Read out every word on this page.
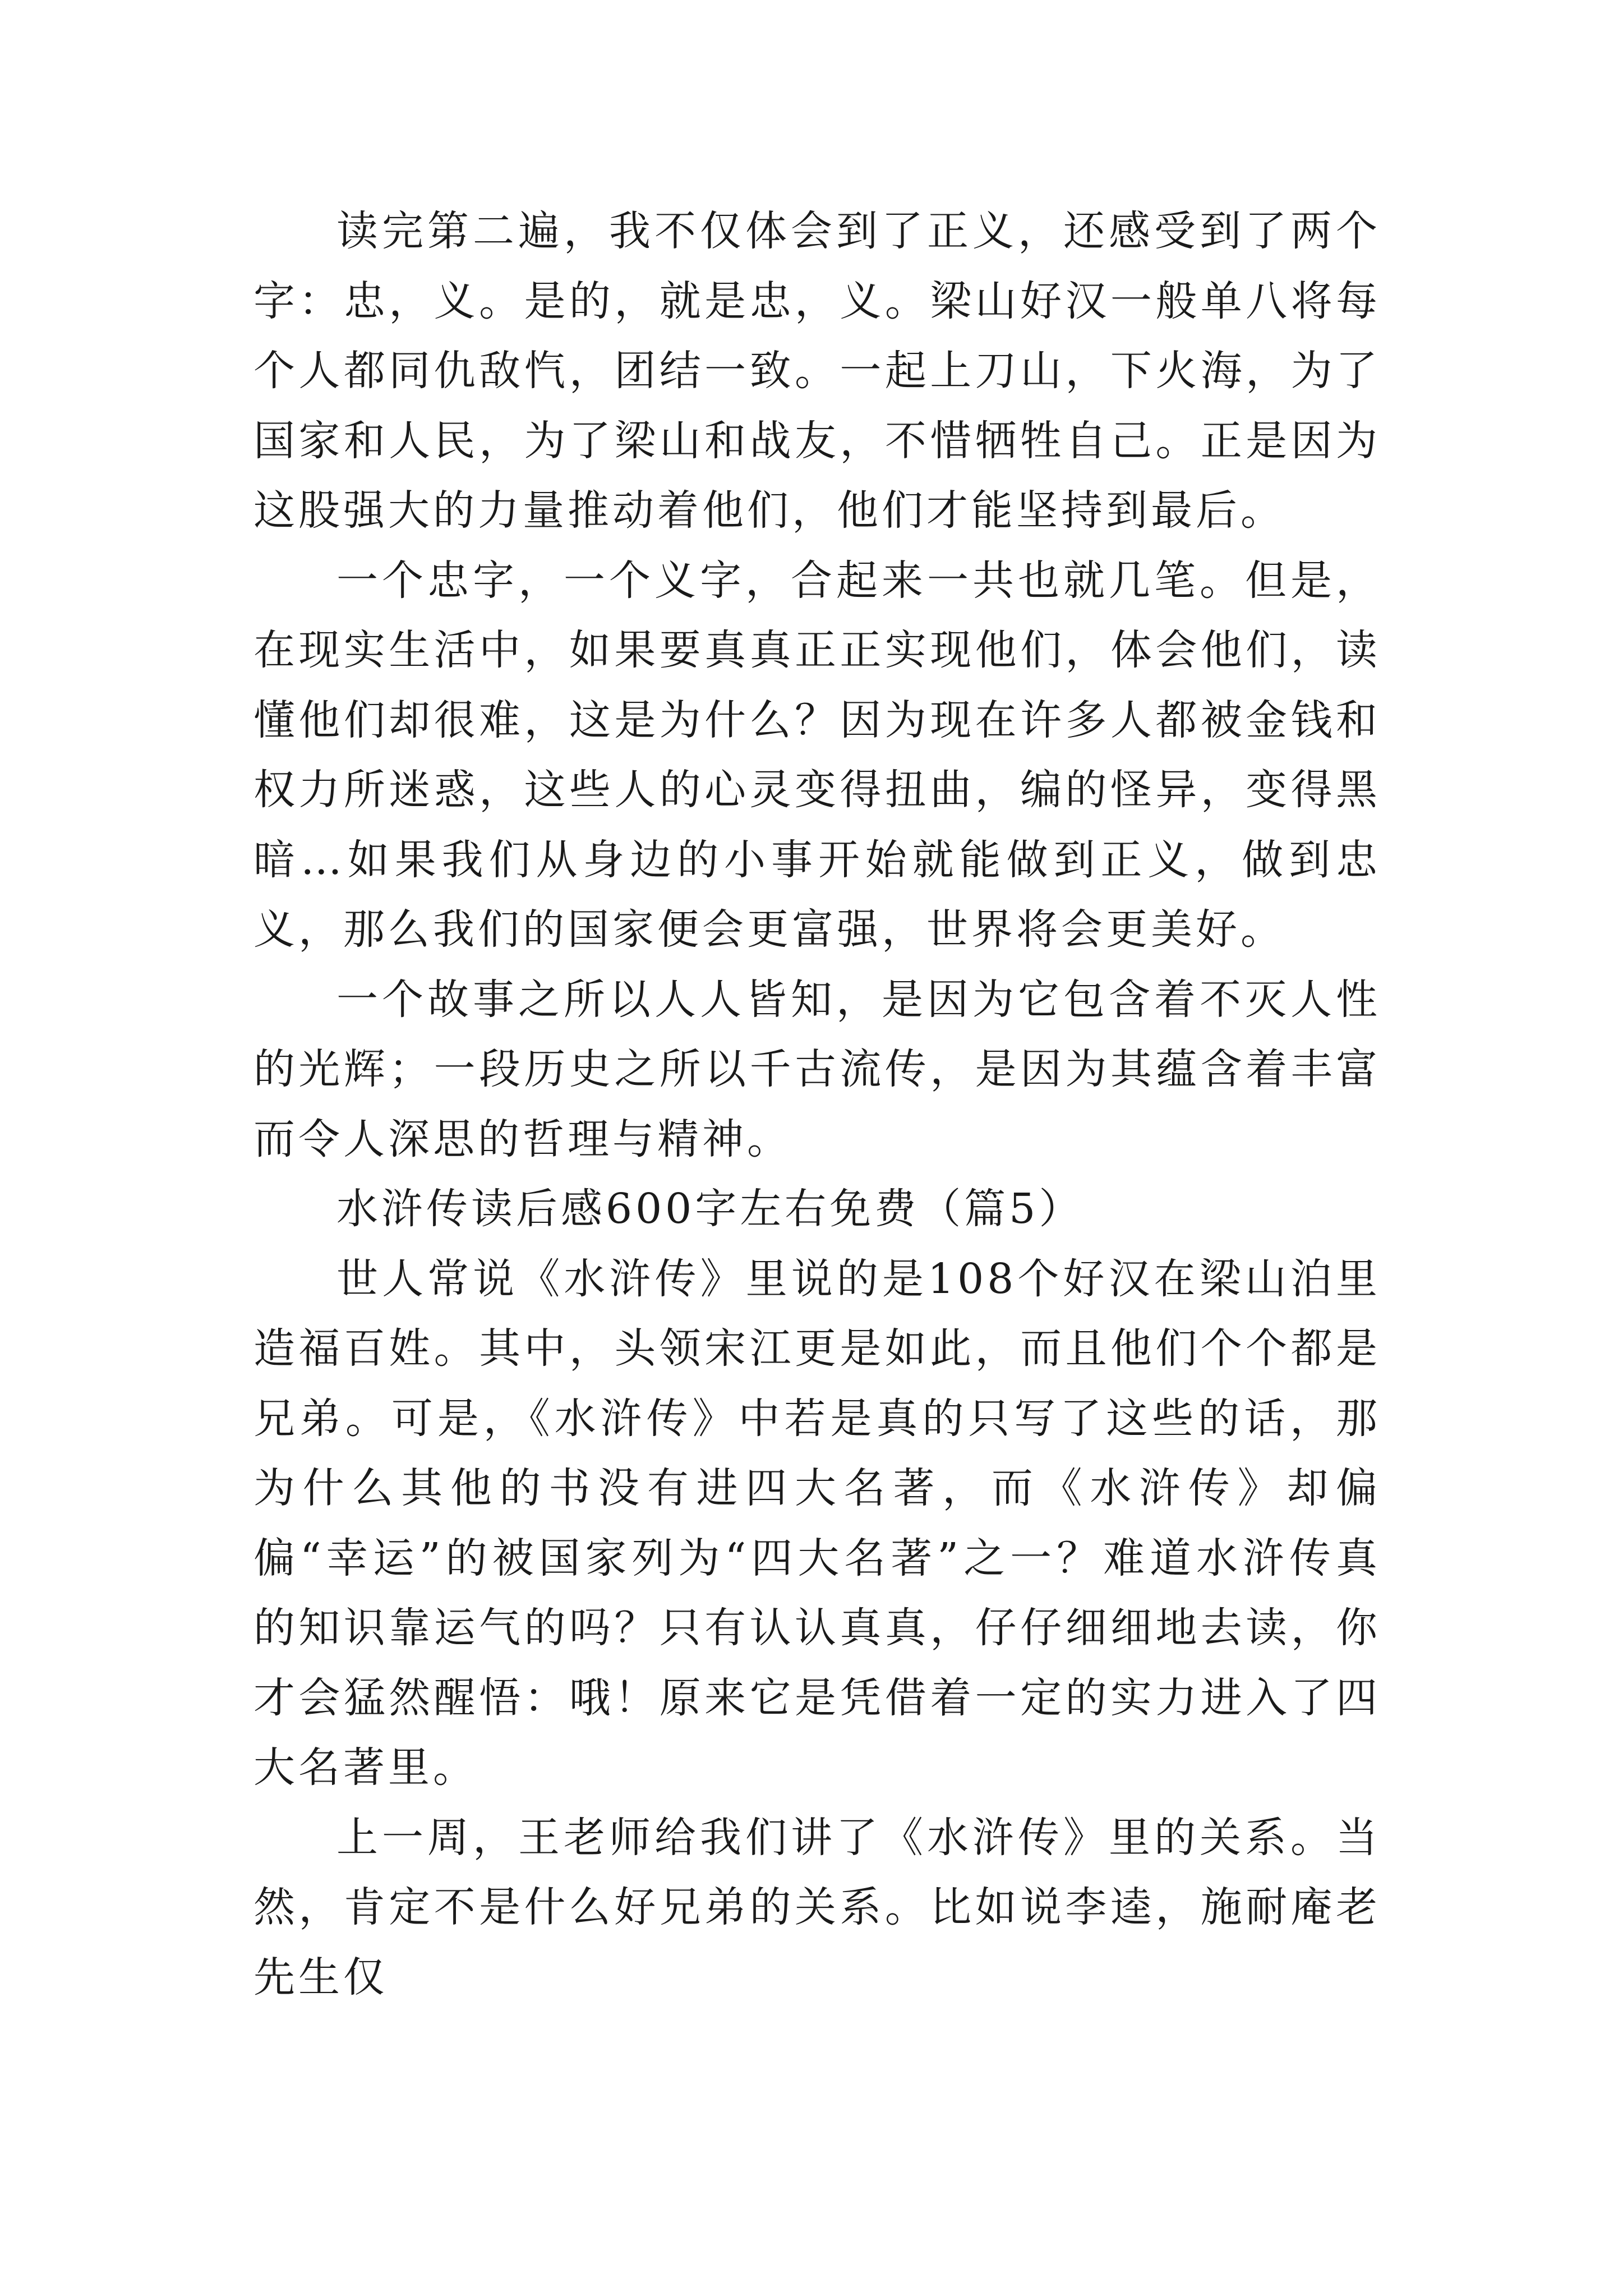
读完第二遍，我不仅体会到了正义，还感受到了两个字：忠，义。是的，就是忠，义。梁山好汉一般单八将每个人都同仇敌忾，团结一致。一起上刀山，下火海，为了国家和人民，为了梁山和战友，不惜牺牲自己。正是因为这股强大的力量推动着他们，他们才能坚持到最后。

一个忠字，一个义字，合起来一共也就几笔。但是，在现实生活中，如果要真真正正实现他们，体会他们，读懂他们却很难，这是为什么？因为现在许多人都被金钱和权力所迷惑，这些人的心灵变得扭曲，编的怪异，变得黑暗…如果我们从身边的小事开始就能做到正义，做到忠义，那么我们的国家便会更富强，世界将会更美好。

一个故事之所以人人皆知，是因为它包含着不灭人性的光辉；一段历史之所以千古流传，是因为其蕴含着丰富而令人深思的哲理与精神。

水浒传读后感600字左右免费（篇5）

世人常说《水浒传》里说的是108个好汉在梁山泊里造福百姓。其中，头领宋江更是如此，而且他们个个都是兄弟。可是，《水浒传》中若是真的只写了这些的话，那为什么其他的书没有进四大名著，而《水浒传》却偏偏“幸运”的被国家列为“四大名著”之一？难道水浒传真的知识靠运气的吗？只有认认真真，仔仔细细地去读，你才会猛然醒悟：哦！原来它是凭借着一定的实力进入了四大名著里。

上一周，王老师给我们讲了《水浒传》里的关系。当然，肯定不是什么好兄弟的关系。比如说李逵，施耐庵老先生仅
